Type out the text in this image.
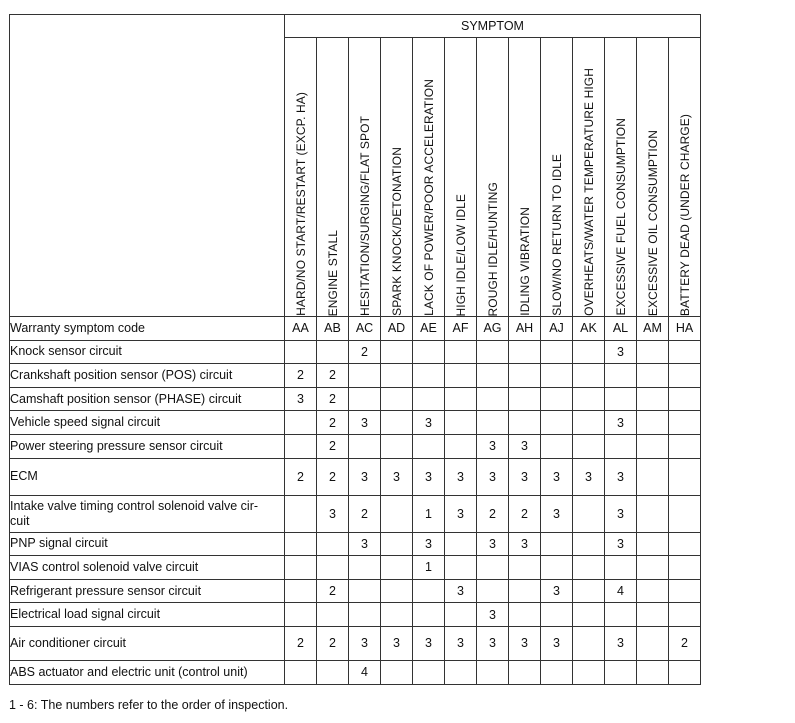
	SYMPTOM												

	HARD/NO START/RESTART (EXCP. HA)	ENGINE STALL	HESITATION/SURGING/FLAT SPOT	SPARK KNOCK/DETONATION	LACK OF POWER/POOR ACCELERATION	HIGH IDLE/LOW IDLE	ROUGH IDLE/HUNTING	IDLING VIBRATION	SLOW/NO RETURN TO IDLE	OVERHEATS/WATER TEMPERATURE HIGH	EXCESSIVE FUEL CONSUMPTION	EXCESSIVE OIL CONSUMPTION	BATTERY DEAD (UNDER CHARGE)

Warranty symptom code	AA	AB	AC	AD	AE	AF	AG	AH	AJ	AK	AL	AM	HA
Knock sensor circuit			2								3		
Crankshaft position sensor (POS) circuit	2	2											
Camshaft position sensor (PHASE) circuit	3	2											
Vehicle speed signal circuit		2	3		3						3		
Power steering pressure sensor circuit		2					3	3					
ECM	2	2	3	3	3	3	3	3	3	3	3		
Intake valve timing control solenoid valve cir-
cuit		3	2		1	3	2	2	3		3		
PNP signal circuit			3		3		3	3			3		
VIAS control solenoid valve circuit					1								
Refrigerant pressure sensor circuit		2				3			3		4		
Electrical load signal circuit							3						
Air conditioner circuit	2	2	3	3	3	3	3	3	3		3		2
ABS actuator and electric unit (control unit)			4										
1 - 6: The numbers refer to the order of inspection.
